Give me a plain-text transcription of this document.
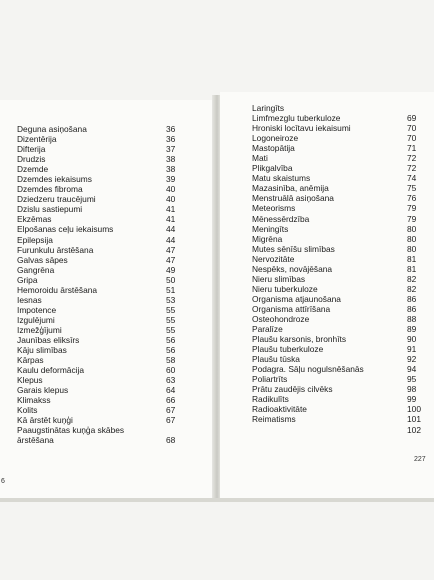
Deguna asiņošana	36
Dizentērija	36
Difterija	37
Drudzis	38
Dzemde	38
Dzemdes iekaisums	39
Dzemdes fibroma	40
Dziedzeru traucējumi	40
Dzislu sastiepumi	41
Ekzēmas	41
Elpošanas ceļu iekaisums	44
Epilepsija	44
Furunkulu ārstēšana	47
Galvas sāpes	47
Gangrēna	49
Gripa	50
Hemoroidu ārstēšana	51
Iesnas	53
Impotence	55
Izgulējumi	55
Izmežģījumi	55
Jaunības eliksīrs	56
Kāju slimības	56
Kārpas	58
Kaulu deformācija	60
Klepus	63
Garais klepus	64
Klimakss	66
Kolits	67
Kā ārstēt kuņģi	67
Paaugstinātas kuņģa skābes
ārstēšana	68
6
Laringīts
Limfmezglu tuberkuloze	69
Hroniski locītavu iekaisumi	70
Logoneiroze	70
Mastopātija	71
Mati	72
Plikgalvība	72
Matu skaistums	74
Mazasinība, anēmija	75
Menstruālā asiņošana	76
Meteorisms	79
Mēnessērdzība	79
Meningīts	80
Migrēna	80
Mutes sēnīšu slimības	80
Nervozitāte	81
Nespēks, novājēšana	81
Nieru slimības	82
Nieru tuberkuloze	82
Organisma atjaunošana	86
Organisma attīrīšana	86
Osteohondroze	88
Paralīze	89
Plaušu karsonis, bronhīts	90
Plaušu tuberkuloze	91
Plaušu tūska	92
Podagra. Sāļu nogulsnēšanās	94
Poliartrīts	95
Prātu zaudējis cilvēks	98
Radikulīts	99
Radioaktivitāte	100
Reimatisms	101
102
227
